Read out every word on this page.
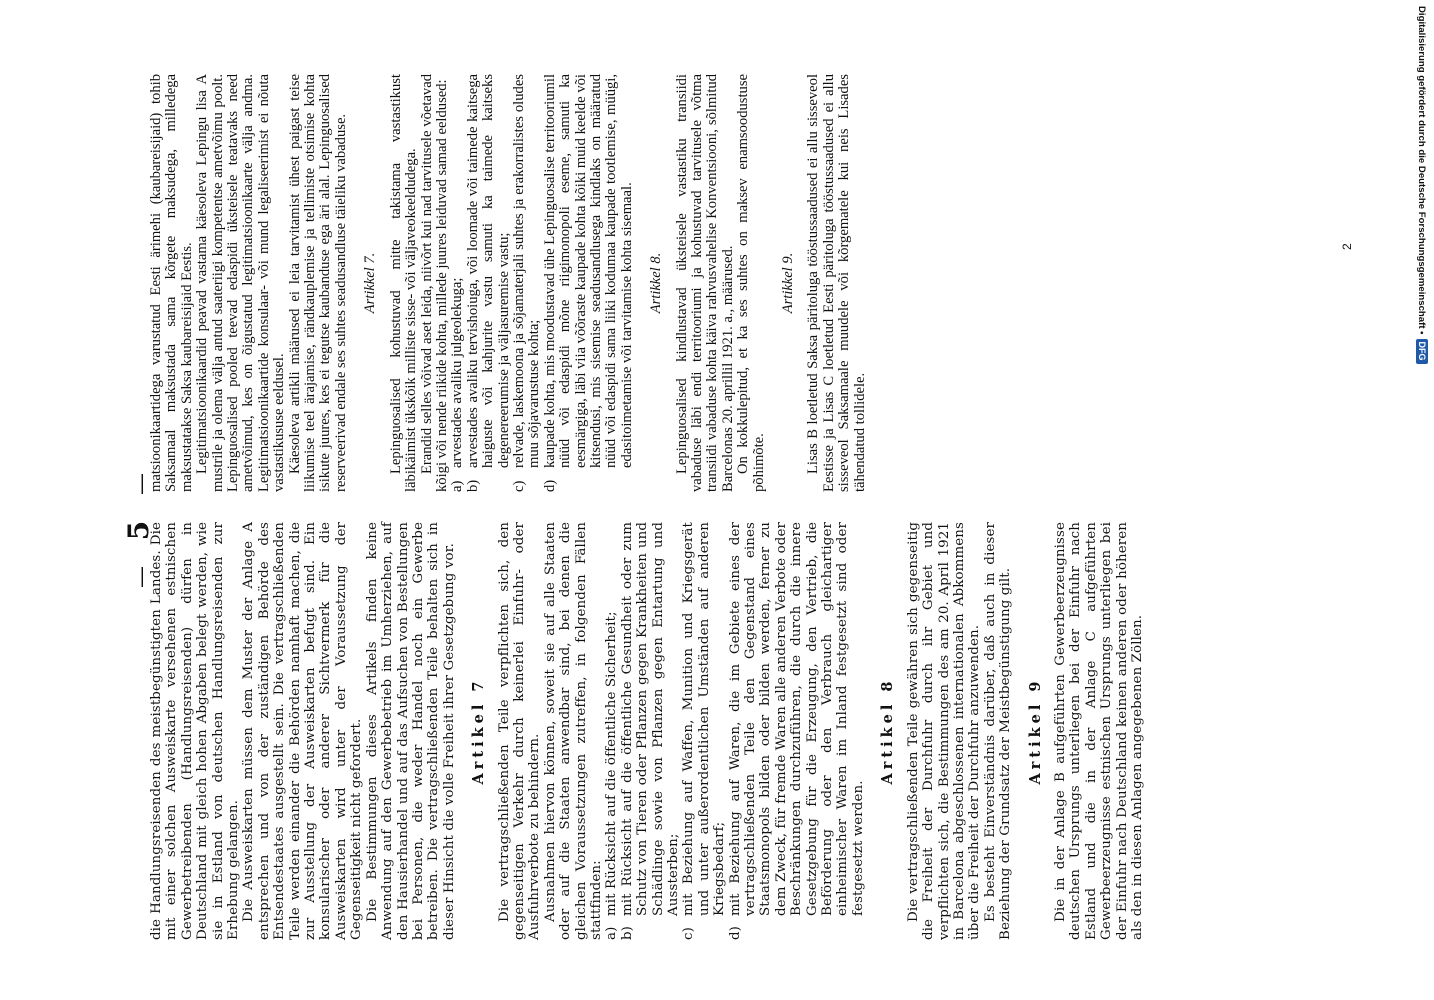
— 5 —

die Handlungsreisenden des meistbegünstigten Landes. Die mit einer solchen Ausweiskarte versehenen estnischen Gewerbetreibenden (Handlungsreisenden) dürfen in Deutschland mit gleich hohen Abgaben belegt werden, wie sie in Estland von deutschen Handlungsreisenden zur Erhebung gelangen. Die Ausweiskarten müssen dem Muster der Anlage A entsprechen und von der zuständigen Behörde des Entsendestaates ausgestellt sein. Die vertragschließenden Teile werden einander die Behörden namhaft machen, die zur Ausstellung der Ausweiskarten befugt sind. Ein konsularischer oder anderer Sichtvermerk für die Ausweiskarten wird unter der Voraussetzung der Gegenseitigkeit nicht gefordert. Die Bestimmungen dieses Artikels finden keine Anwendung auf den Gewerbebetrieb im Umherziehen, auf den Hausierhandel und auf das Aufsuchen von Bestellungen bei Personen, die weder Handel noch ein Gewerbe betreiben. Die vertragschließenden Teile behalten sich in dieser Hinsicht die volle Freiheit ihrer Gesetzgebung vor. Artikel 7 Die vertragschließenden Teile verpflichten sich, den gegenseitigen Verkehr durch keinerlei Einfuhr- oder Ausfuhrverbote zu behindern. Ausnahmen hiervon können, soweit sie auf alle Staaten oder auf die Staaten anwendbar sind, bei denen die gleichen Voraussetzungen zutreffen, in folgenden Fällen stattfinden: a)
mit Rücksicht auf die öffentliche Sicherheit;
b)
mit Rücksicht auf die öffentliche Gesundheit oder zum Schutz von Tieren oder Pflanzen gegen Krankheiten und Schädlinge sowie von Pflanzen gegen Entartung und Aussterben;
c)
mit Beziehung auf Waffen, Munition und Kriegsgerät und unter außerordentlichen Umständen auf anderen Kriegsbedarf;
d)
mit Beziehung auf Waren, die im Gebiete eines der vertragschließenden Teile den Gegenstand eines Staatsmonopols bilden oder bilden werden, ferner zu dem Zweck, für fremde Waren alle anderen Verbote oder Beschränkungen durchzuführen, die durch die innere Gesetzgebung für die Erzeugung, den Vertrieb, die Beförderung oder den Verbrauch gleichartiger einheimischer Waren im Inland festgesetzt sind oder festgesetzt werden.
Artikel 8 Die vertragschließenden Teile gewähren sich gegenseitig die Freiheit der Durchfuhr durch ihr Gebiet und verpflichten sich, die Bestimmungen des am 20. April 1921 in Barcelona abgeschlossenen internationalen Abkommens über die Freiheit der Durchfuhr anzuwenden. Es besteht Einverständnis darüber, daß auch in dieser Beziehung der Grundsatz der Meistbegünstigung gilt. Artikel 9 Die in der Anlage B aufgeführten Gewerbeerzeugnisse deutschen Ursprungs unterliegen bei der Einfuhr nach Estland und die in der Anlage C aufgeführten Gewerbeerzeugnisse estnischen Ursprungs unterliegen bei der Einfuhr nach Deutschland keinen anderen oder höheren als den in diesen Anlagen angegebenen Zöllen.

matsioonikaartidega varustatud Eesti ärimehi (kaubareisijaid) tohib Saksamaal maksustada sama kõrgete maksudega, milledega maksustatakse Saksa kaubareisijaid Eestis. Legitimatsioonikaardid peavad vastama käesoleva Lepingu lisa A mustrile ja olema välja antud saateriigi kompetentse ametvõimu poolt. Lepinguosalised pooled teevad edaspidi üksteisele teatavaks need ametvõimud, kes on õigustatud legitimatsioonikaarte välja andma. Legitimatsioonikaartide konsulaar- või mund legaliseerimist ei nõuta vastastikususe eeldusel. Käesoleva artikli määrused ei leia tarvitamist ühest paigast teise liikumise teel ärajamise, rändkauplemise ja tellimiste otsimise kohta isikute juures, kes ei tegutse kaubanduse ega äri alal. Lepinguosalised reserveerivad endale ses suhtes seadusandluse täieliku vabaduse. Artikkel 7. Lepinguosalised kohustuvad mitte takistama vastastikust läbikäimist ükskõik milliste sisse- või väljaveokeeldudega. Erandid selles võivad aset leida, niivõrt kui nad tarvitusele võetavad kõigi või nende riikide kohta, millede juures leiduvad samad eeldused: a)
arvestades avaliku julgeolekuga;
b)
arvestades avaliku tervishoiuga, või loomade või taimede kaitsega haiguste või kahjurite vastu samuti ka taimede kaitseks degenereerumise ja väljasuremise vastu;
c)
relvade, laskemoona ja sõjamaterjali suhtes ja erakorralistes oludes muu sõjavarustuse kohta;
d)
kaupade kohta, mis moodustavad ühe Lepinguosalise territooriumil nüüd või edaspidi mõne riigimonopoli eseme, samuti ka eesmärgiga, läbi viia võõraste kaupade kohta kõiki muid keelde või kitsendusi, mis sisemise seadusandlusega kindlaks on määratud nüüd või edaspidi sama liiki kodumaa kaupade tootlemise, müügi, edasitoimetamise või tarvitamise kohta sisemaal. Artikkel 8. Lepinguosalised kindlustavad üksteisele vastastiku transiidi vabaduse läbi endi territooriumi ja kohustuvad tarvitusele võtma transiidi vabaduse kohta käiva rahvusvahelise Konventsiooni, sõlmitud Barcelonas 20. aprillil 1921. a., määrused. On kokkulepitud, et ka ses suhtes on maksev enamsoodustuse põhimõte.

Artikkel 9. Lisas B loetletud Saksa päritoluga tööstussaadused ei allu sisseveol Eestisse ja Lisas C loetletud Eesti päritoluga tööstussaadused ei allu sisseveol Saksamaale muudele või kõrgematele kui neis Lisades tähendatud tollidele.

2	Digitalisierung gefördert durch die Deutsche Forschungsgemeinschaft •
DFG
